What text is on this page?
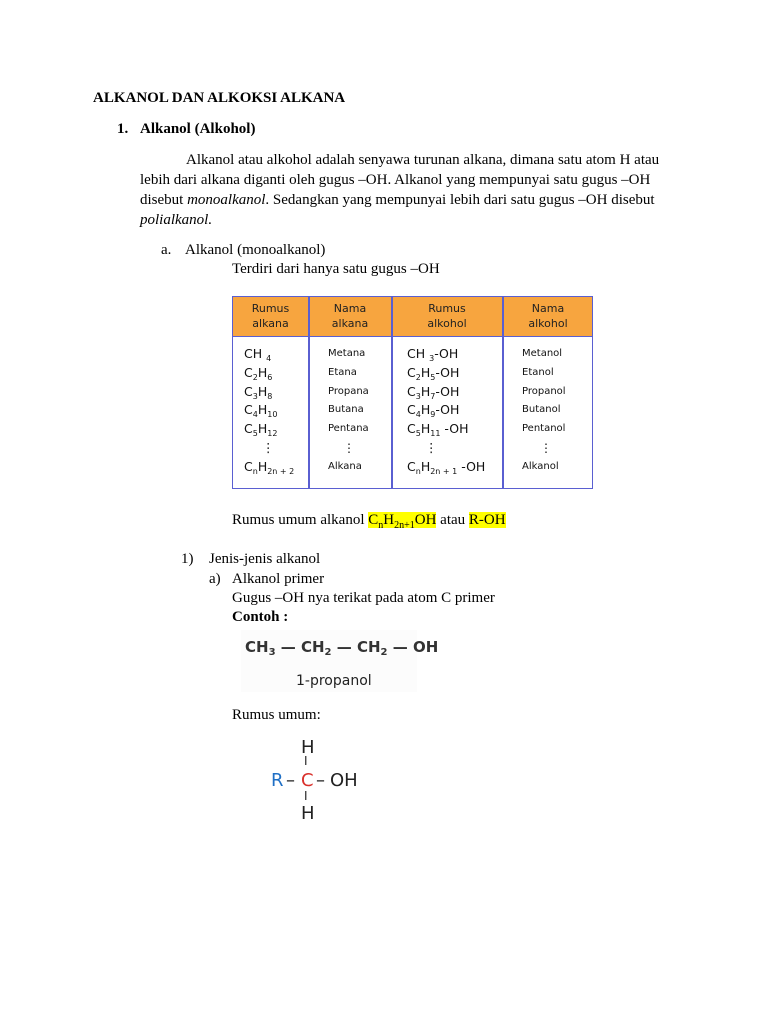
ALKANOL DAN ALKOKSI ALKANA
1. Alkanol (Alkohol)
Alkanol atau alkohol adalah senyawa turunan alkana, dimana satu atom H atau
lebih dari alkana diganti oleh gugus –OH. Alkanol yang mempunyai satu gugus –OH
disebut monoalkanol. Sedangkan yang mempunyai lebih dari satu gugus –OH disebut
polialkanol.
a. Alkanol (monoalkanol)
Terdiri dari hanya satu gugus –OH
Rumus
alkana
Nama
alkana
Rumus
alkohol
Nama
alkohol
CH $_4$
$C_2H_6$
$C_3H_8$
$C_4H_{10}$
$C_5H_{12}$
⋮
$C_nH_{2n + 2}$
Metana
Etana
Propana
Butana
Pentana
⋮
Alkana
CH $_3$-OH
$C_2H_5-OH$
$C_3H_7-OH$
$C_4H_9-OH$
$C_5H_{11}$ -OH
⋮
$C_nH_{2n + 1}$ -OH
Metanol
Etanol
Propanol
Butanol
Pentanol
⋮
Alkanol
Rumus umum alkanol $C_nH_{2n+1}OH$ atau R-OH
1) Jenis-jenis alkanol
a) Alkanol primer
Gugus –OH nya terikat pada atom C primer
Contoh :
$CH_3$ — $CH_2$ — $CH_2$ — OH
1-propanol
Rumus umum:
H
I
R – C – OH
I
H
